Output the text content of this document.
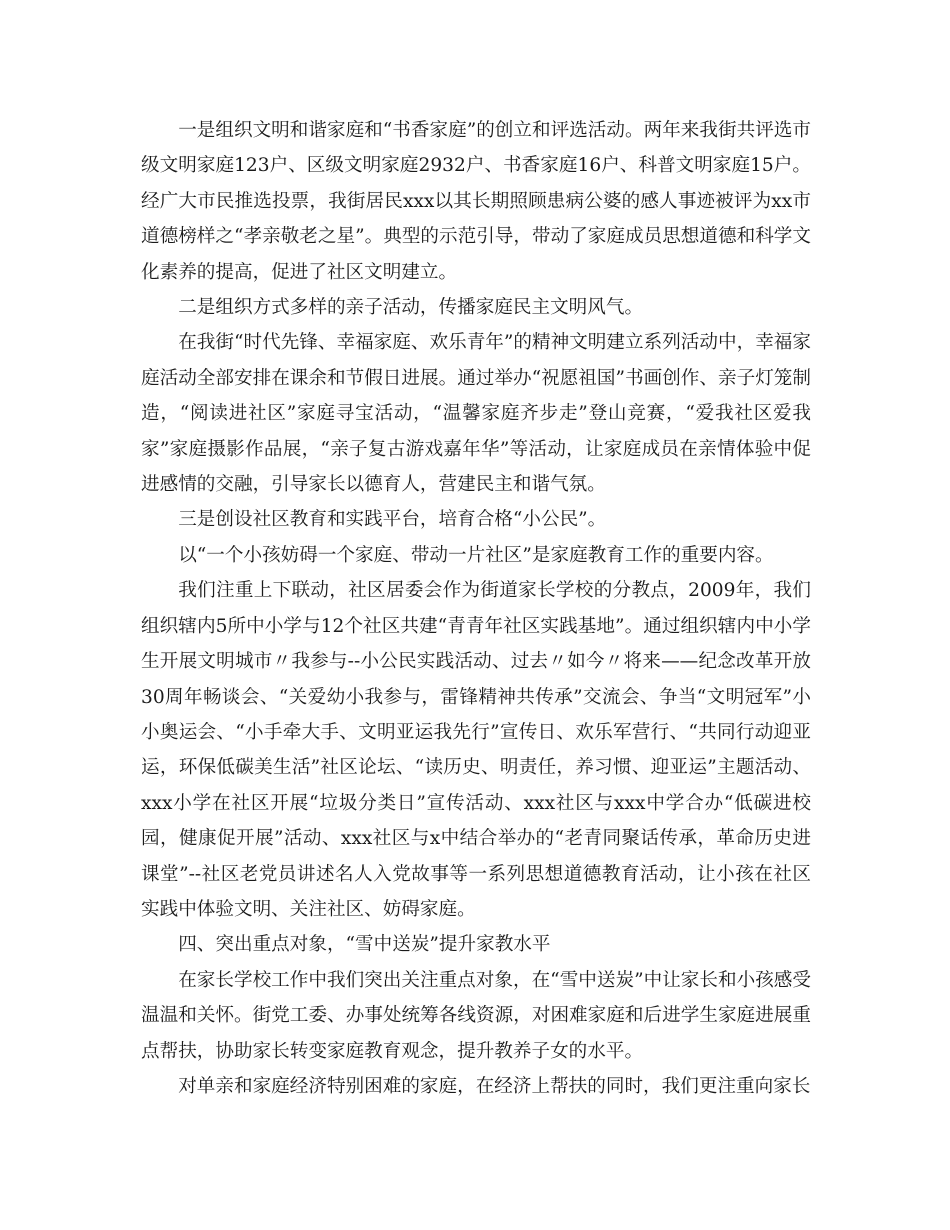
一是组织文明和谐家庭和“书香家庭”的创立和评选活动。两年来我街共评选市级文明家庭123户、区级文明家庭2932户、书香家庭16户、科普文明家庭15户。经广大市民推选投票，我街居民xxx以其长期照顾患病公婆的感人事迹被评为xx市道德榜样之“孝亲敬老之星”。典型的示范引导，带动了家庭成员思想道德和科学文化素养的提高，促进了社区文明建立。

二是组织方式多样的亲子活动，传播家庭民主文明风气。

在我街“时代先锋、幸福家庭、欢乐青年”的精神文明建立系列活动中，幸福家庭活动全部安排在课余和节假日进展。通过举办“祝愿祖国”书画创作、亲子灯笼制造，“阅读进社区”家庭寻宝活动，“温馨家庭齐步走”登山竞赛，“爱我社区爱我家”家庭摄影作品展，“亲子复古游戏嘉年华”等活动，让家庭成员在亲情体验中促进感情的交融，引导家长以德育人，营建民主和谐气氛。

三是创设社区教育和实践平台，培育合格“小公民”。

以“一个小孩妨碍一个家庭、带动一片社区”是家庭教育工作的重要内容。

我们注重上下联动，社区居委会作为街道家长学校的分教点，2009年，我们组织辖内5所中小学与12个社区共建“青青年社区实践基地”。通过组织辖内中小学生开展文明城市〃我参与--小公民实践活动、过去〃如今〃将来——纪念改革开放30周年畅谈会、“关爱幼小我参与，雷锋精神共传承”交流会、争当“文明冠军”小小奥运会、“小手牵大手、文明亚运我先行”宣传日、欢乐军营行、“共同行动迎亚运，环保低碳美生活”社区论坛、“读历史、明责任，养习惯、迎亚运”主题活动、xxx小学在社区开展“垃圾分类日”宣传活动、xxx社区与xxx中学合办“低碳进校园，健康促开展”活动、xxx社区与x中结合举办的“老青同聚话传承，革命历史进课堂”--社区老党员讲述名人入党故事等一系列思想道德教育活动，让小孩在社区实践中体验文明、关注社区、妨碍家庭。

四、突出重点对象，“雪中送炭”提升家教水平

在家长学校工作中我们突出关注重点对象，在“雪中送炭”中让家长和小孩感受温温和关怀。街党工委、办事处统筹各线资源，对困难家庭和后进学生家庭进展重点帮扶，协助家长转变家庭教育观念，提升教养子女的水平。

对单亲和家庭经济特别困难的家庭，在经济上帮扶的同时，我们更注重向家长
